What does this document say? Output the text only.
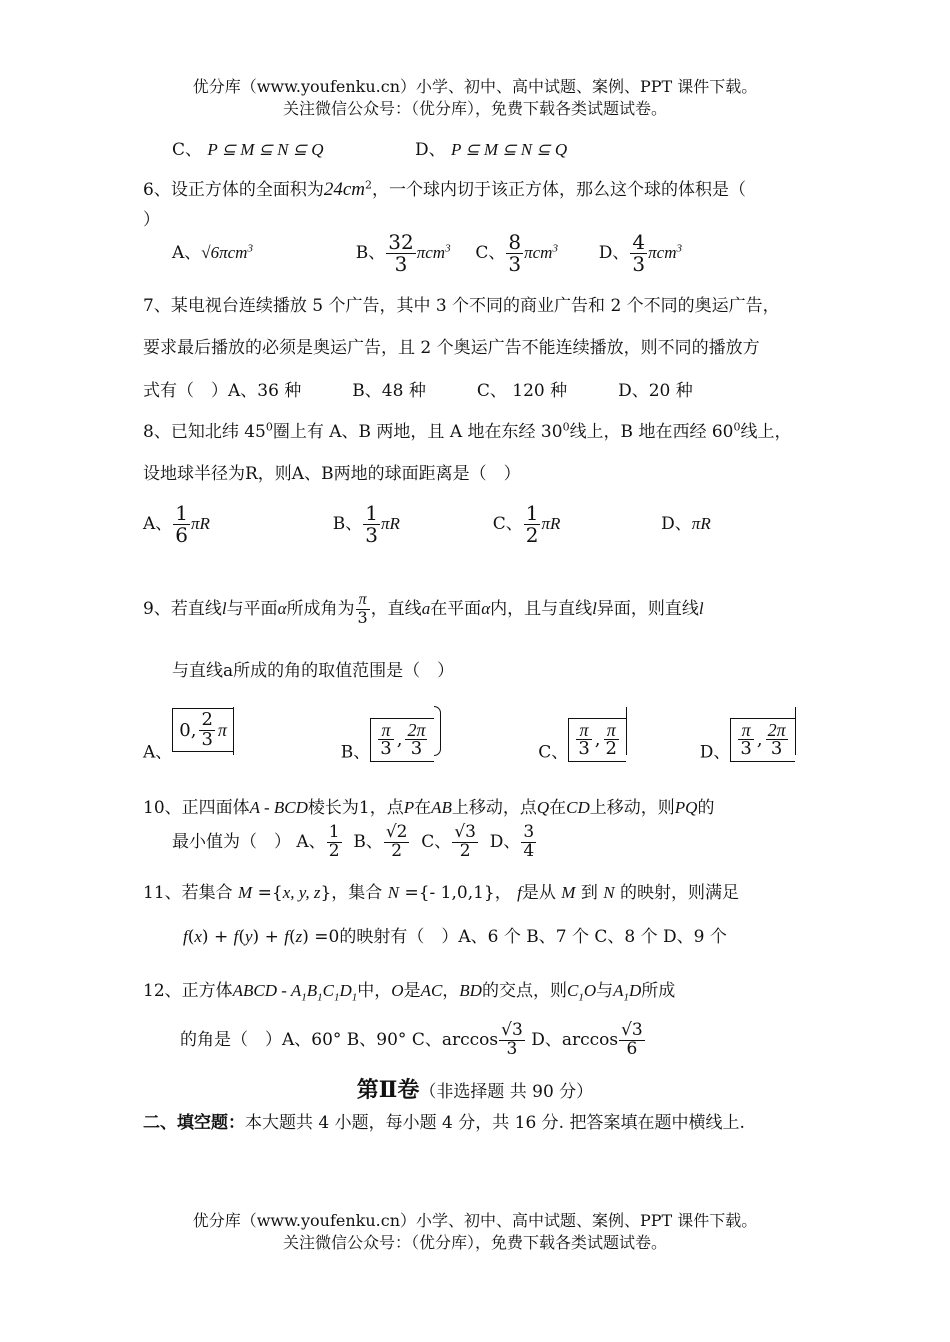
优分库（www.youfenku.cn）小学、初中、高中试题、案例、PPT 课件下载。
关注微信公众号：（优分库），免费下载各类试题试卷。
C、 P ⊆ M ⊆ N ⊆ Q	D、 P ⊆ M ⊆ N ⊆ Q
6、设正方体的全面积为$24cm^2$，一个球内切于该正方体，那么这个球的体积是（
）
A、√6πcm$^3$	B、 $\frac{32}{3} \pi cm^3$ C、 $\frac{8}{3} \pi cm^3$ D、 $\frac{4}{3} \pi cm^3$
7、某电视台连续播放 5 个广告，其中 3 个不同的商业广告和 2 个不同的奥运广告，
要求最后播放的必须是奥运广告，且 2 个奥运广告不能连续播放，则不同的播放方
式有（　）A、36 种　　　B、48 种　　　C、 120 种　　　D、20 种
8、已知北纬 $45^0$圈上有 A、B 两地，且 A 地在东经 $30^0$线上，B 地在西经 $60^0$线上，
设地球半径为R，则A、B两地的球面距离是（　）
A、 $\frac{1}{6}$ πR	B、 $\frac{1}{3}$ πR	C、 $\frac{1}{2}$ πR	D、πR
9、若直线l与平面α所成角为 $\frac{\pi}{3}$ ，直线a在平面α内，且与直线l异面，则直线l
与直线a所成的角的取值范围是（　）
A、0, $\frac{2}{3}$ π
B、 $\frac{\pi}{3}$ , $\frac{2\pi}{3}$	C、 $\frac{\pi}{3}$ , $\frac{\pi}{2}$	D、 $\frac{\pi}{3}$ , $\frac{2\pi}{3}$
10、正四面体A - BCD棱长为1，点P在AB上移动，点Q在CD上移动，则PQ的
最小值为（　） A、 $\frac{1}{2}$ B、 $\frac{√2}{2}$ C、 $\frac{√3}{2}$ D、 $\frac{3}{4}$
11、若集合 M ={x, y, z}，集合 N ={- 1,0,1}， f是从 M 到 N 的映射，则满足
f(x) + f(y) + f(z) =0的映射有（　）A、6 个 B、7 个 C、8 个 D、9 个
12、正方体ABCD - $A_1B_1C_1D_1$中，O是AC，BD的交点，则$C_1O$与$A_1D$所成
的角是（　）A、60° B、90° C、$\arccos \frac{√3}{3}$ D、$\arccos \frac{√3}{6}$
第Ⅱ卷（非选择题 共 90 分）
二、填空题：本大题共 4 小题，每小题 4 分，共 16 分. 把答案填在题中横线上.
优分库（www.youfenku.cn）小学、初中、高中试题、案例、PPT 课件下载。
关注微信公众号：（优分库），免费下载各类试题试卷。
